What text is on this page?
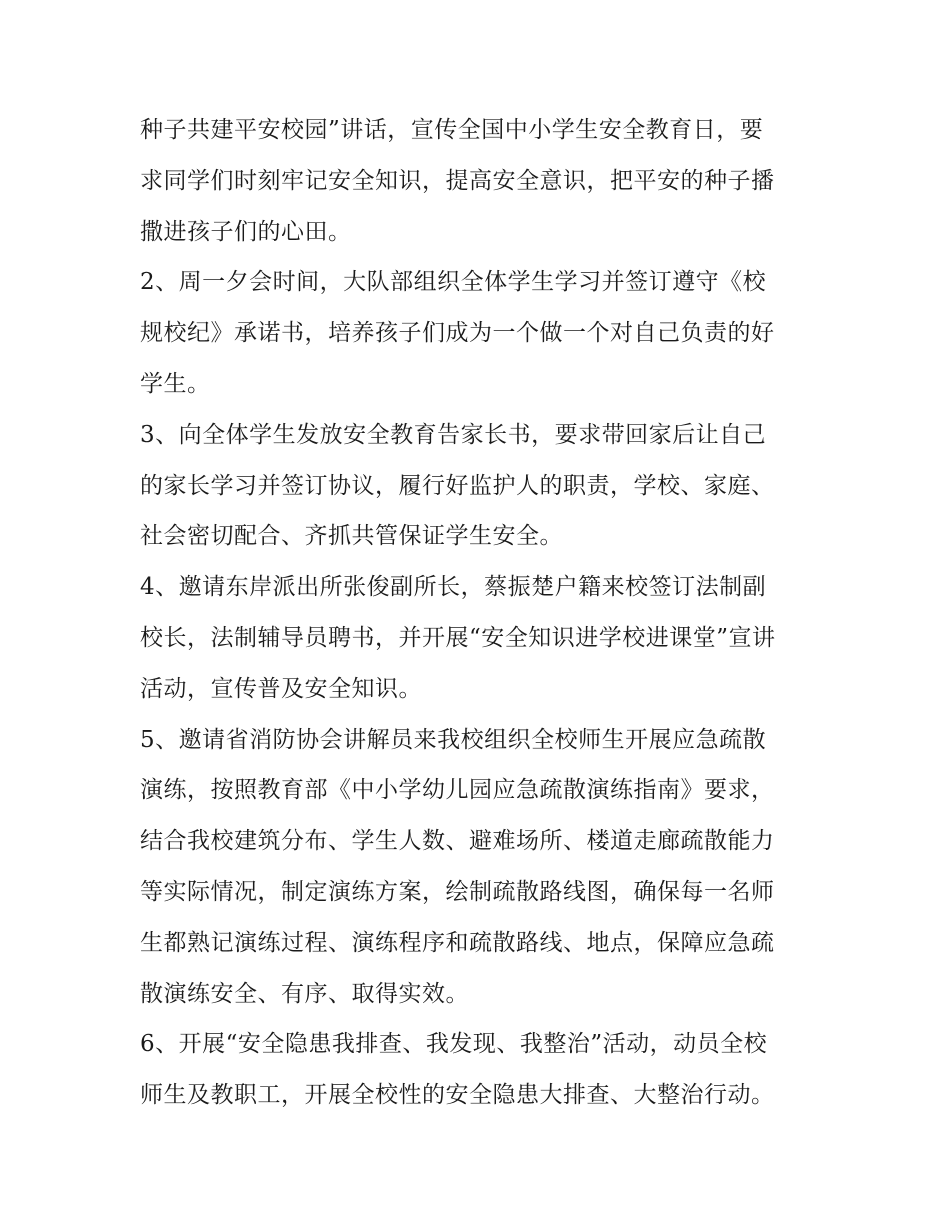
种子共建平安校园”讲话，宣传全国中小学生安全教育日，要
求同学们时刻牢记安全知识，提高安全意识，把平安的种子播
撒进孩子们的心田。

2、周一夕会时间，大队部组织全体学生学习并签订遵守《校
规校纪》承诺书，培养孩子们成为一个做一个对自己负责的好
学生。

3、向全体学生发放安全教育告家长书，要求带回家后让自己
的家长学习并签订协议，履行好监护人的职责，学校、家庭、
社会密切配合、齐抓共管保证学生安全。

4、邀请东岸派出所张俊副所长，蔡振楚户籍来校签订法制副
校长，法制辅导员聘书，并开展“安全知识进学校进课堂”宣讲
活动，宣传普及安全知识。

5、邀请省消防协会讲解员来我校组织全校师生开展应急疏散
演练，按照教育部《中小学幼儿园应急疏散演练指南》要求，
结合我校建筑分布、学生人数、避难场所、楼道走廊疏散能力
等实际情况，制定演练方案，绘制疏散路线图，确保每一名师
生都熟记演练过程、演练程序和疏散路线、地点，保障应急疏
散演练安全、有序、取得实效。

6、开展“安全隐患我排查、我发现、我整治”活动，动员全校
师生及教职工，开展全校性的安全隐患大排查、大整治行动。
